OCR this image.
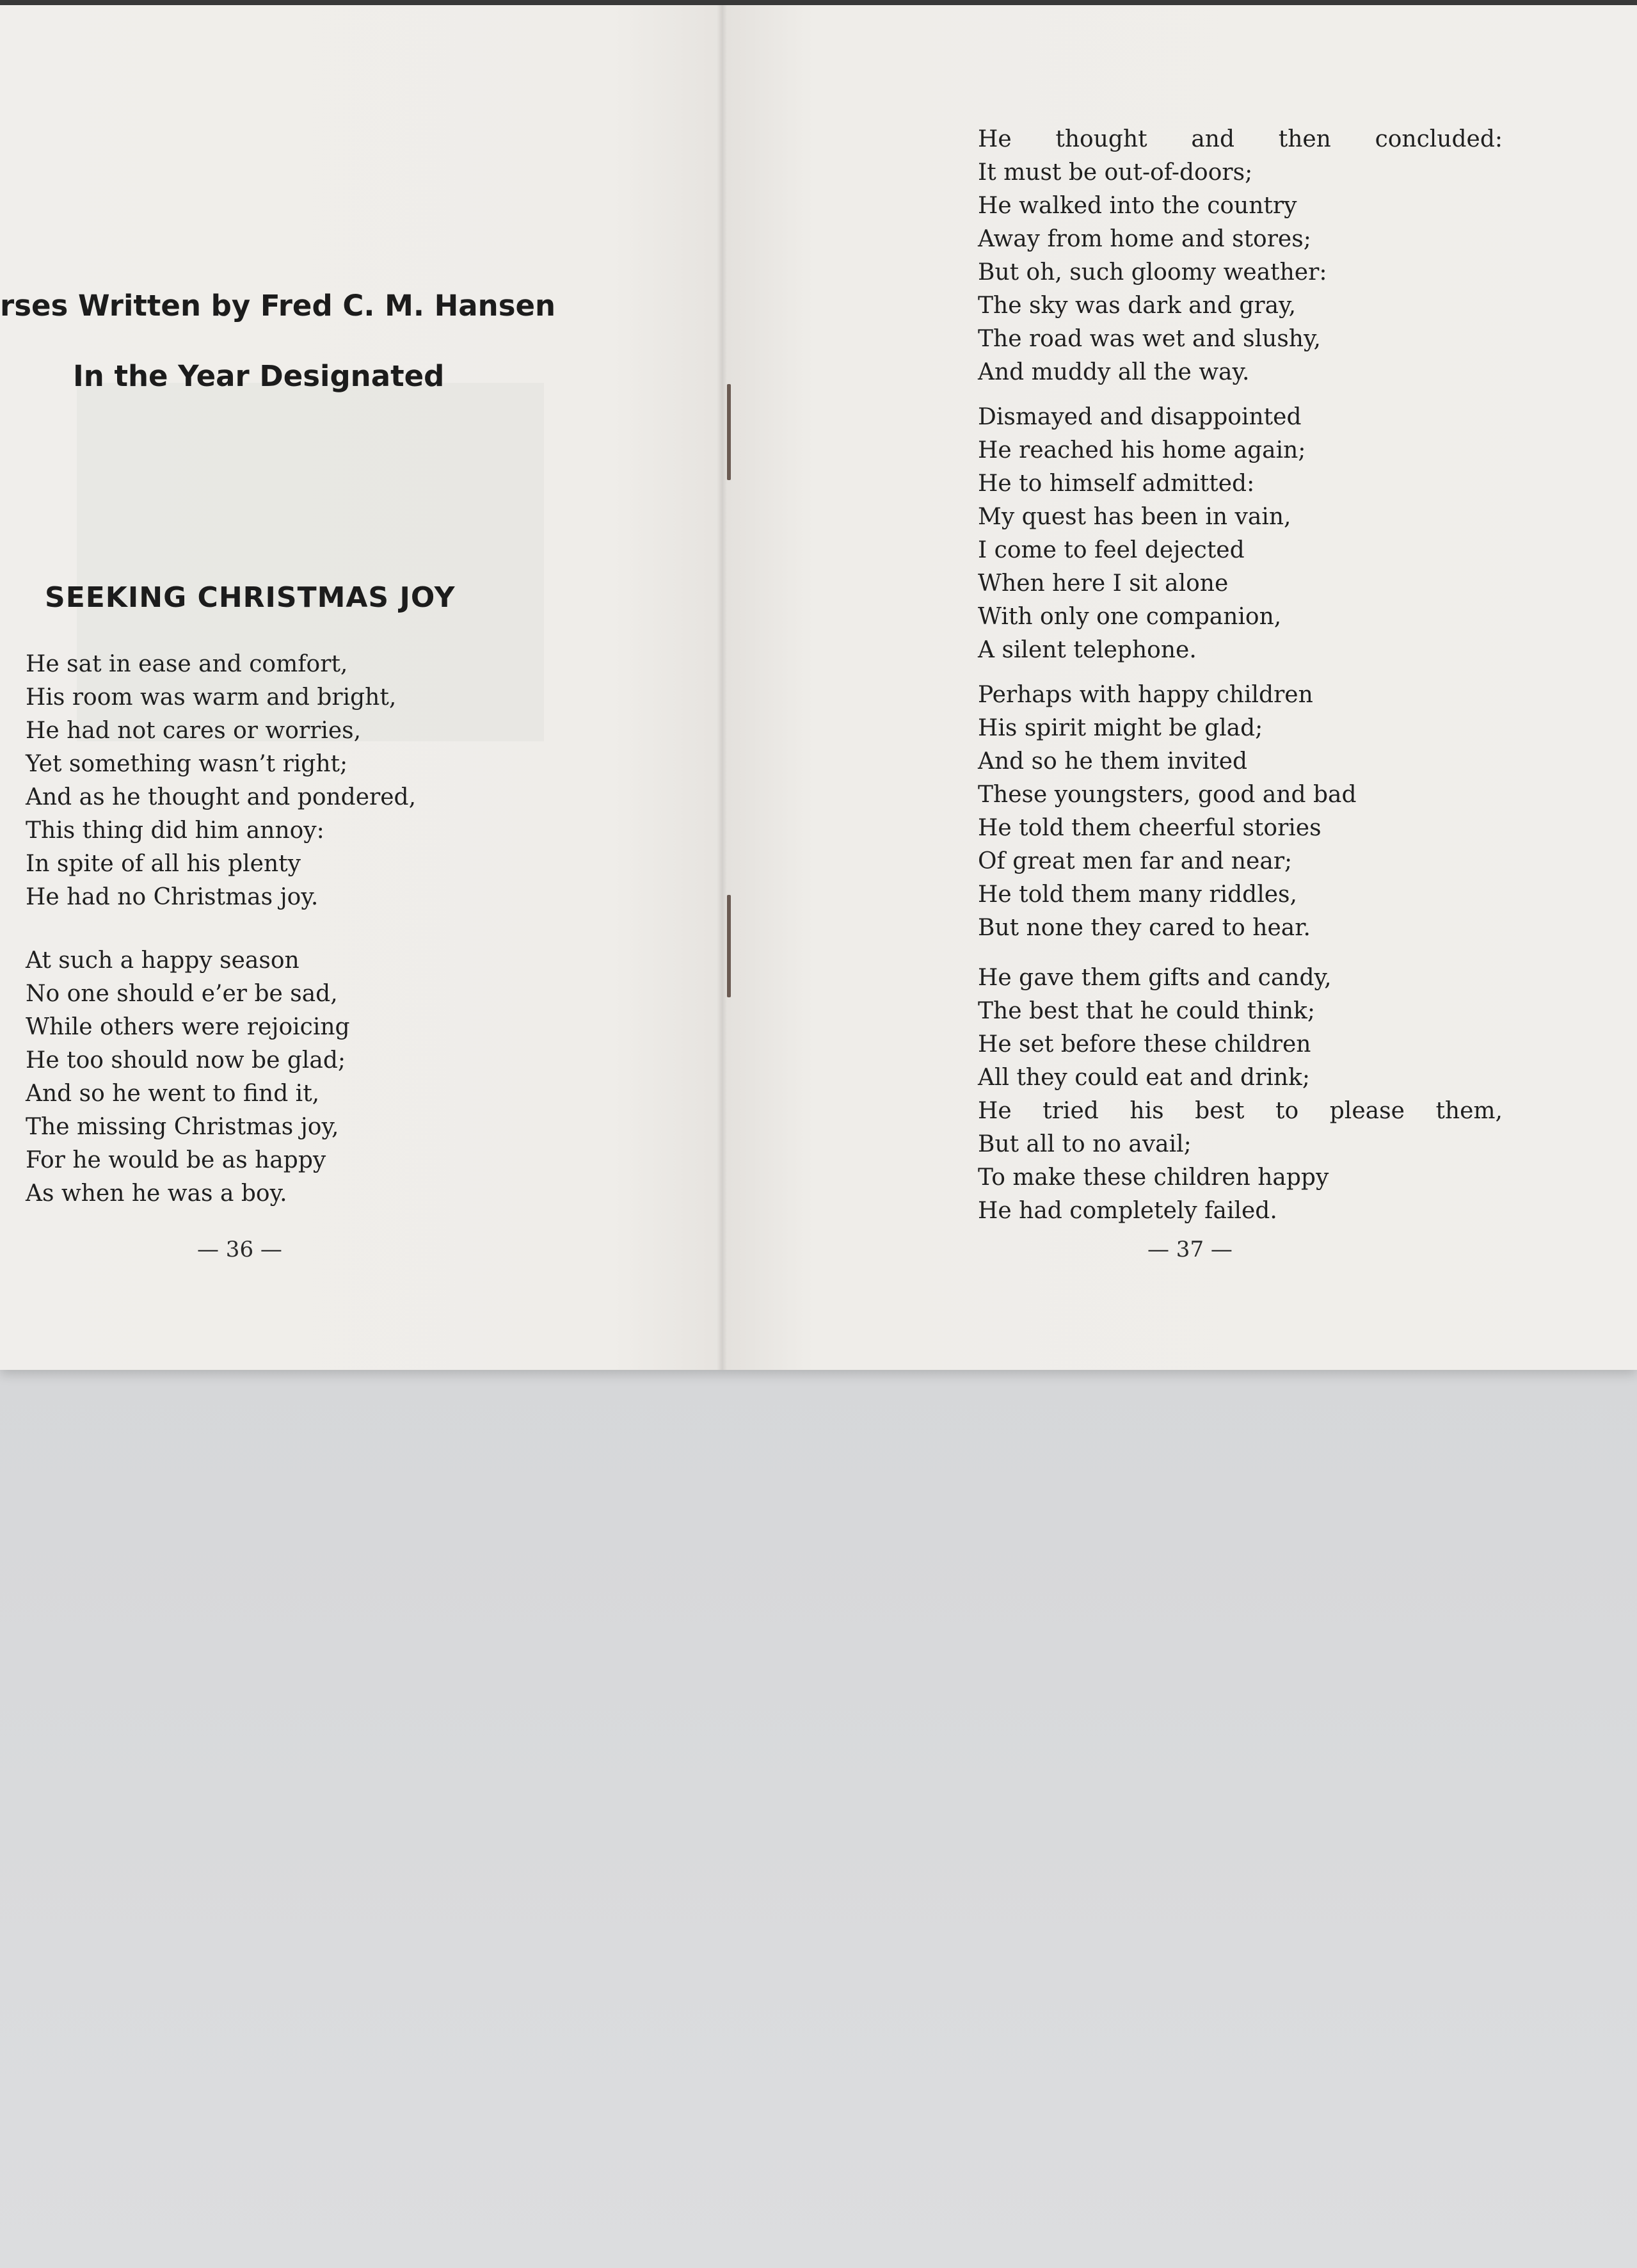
rses Written by Fred C. M. Hansen
In the Year Designated
SEEKING CHRISTMAS JOY
He sat in ease and comfort,
His room was warm and bright,
He had not cares or worries,
Yet something wasn’t right;
And as he thought and pondered,
This thing did him annoy:
In spite of all his plenty
He had no Christmas joy.
At such a happy season
No one should e’er be sad,
While others were rejoicing
He too should now be glad;
And so he went to find it,
The missing Christmas joy,
For he would be as happy
As when he was a boy.

— 36 —

He thought and then concluded:
It must be out-of-doors;
He walked into the country
Away from home and stores;
But oh, such gloomy weather:
The sky was dark and gray,
The road was wet and slushy,
And muddy all the way.
Dismayed and disappointed
He reached his home again;
He to himself admitted:
My quest has been in vain,
I come to feel dejected
When here I sit alone
With only one companion,
A silent telephone.
Perhaps with happy children
His spirit might be glad;
And so he them invited
These youngsters, good and bad
He told them cheerful stories
Of great men far and near;
He told them many riddles,
But none they cared to hear.
He gave them gifts and candy,
The best that he could think;
He set before these children
All they could eat and drink;
He tried his best to please them,
But all to no avail;
To make these children happy
He had completely failed.

— 37 —
